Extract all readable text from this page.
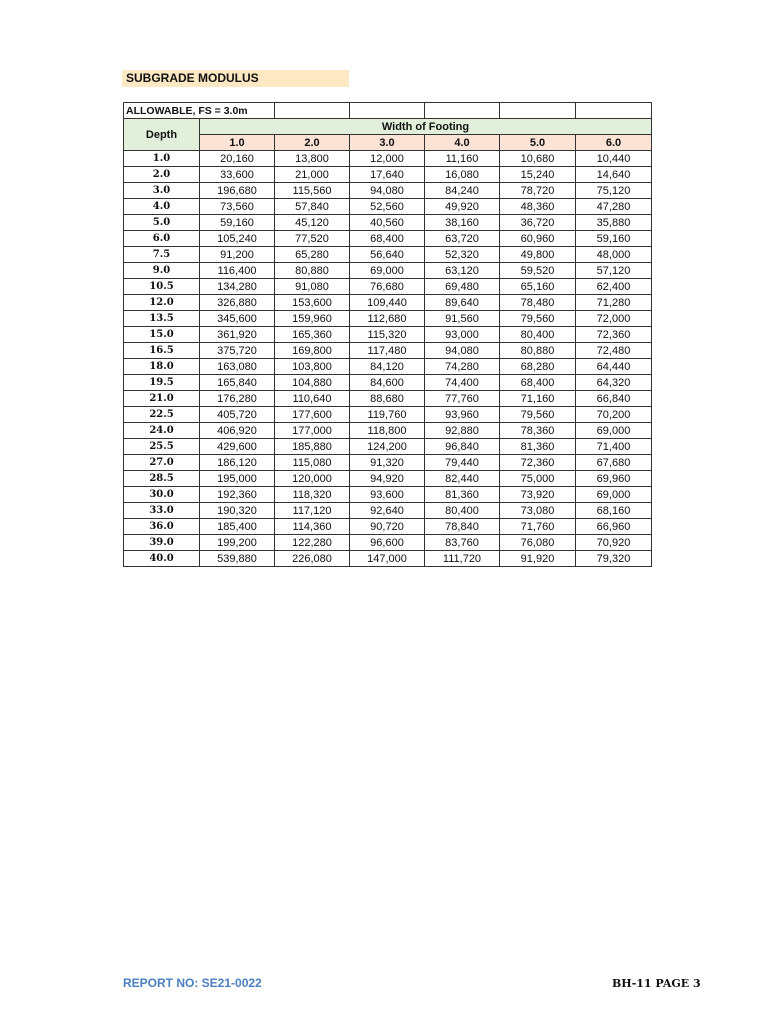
SUBGRADE MODULUS
ALLOWABLE, FS = 3.0m						
Depth	Width of Footing					
	1.0	2.0	3.0	4.0	5.0	6.0
1.0	20,160	13,800	12,000	11,160	10,680	10,440
2.0	33,600	21,000	17,640	16,080	15,240	14,640
3.0	196,680	115,560	94,080	84,240	78,720	75,120
4.0	73,560	57,840	52,560	49,920	48,360	47,280
5.0	59,160	45,120	40,560	38,160	36,720	35,880
6.0	105,240	77,520	68,400	63,720	60,960	59,160
7.5	91,200	65,280	56,640	52,320	49,800	48,000
9.0	116,400	80,880	69,000	63,120	59,520	57,120
10.5	134,280	91,080	76,680	69,480	65,160	62,400
12.0	326,880	153,600	109,440	89,640	78,480	71,280
13.5	345,600	159,960	112,680	91,560	79,560	72,000
15.0	361,920	165,360	115,320	93,000	80,400	72,360
16.5	375,720	169,800	117,480	94,080	80,880	72,480
18.0	163,080	103,800	84,120	74,280	68,280	64,440
19.5	165,840	104,880	84,600	74,400	68,400	64,320
21.0	176,280	110,640	88,680	77,760	71,160	66,840
22.5	405,720	177,600	119,760	93,960	79,560	70,200
24.0	406,920	177,000	118,800	92,880	78,360	69,000
25.5	429,600	185,880	124,200	96,840	81,360	71,400
27.0	186,120	115,080	91,320	79,440	72,360	67,680
28.5	195,000	120,000	94,920	82,440	75,000	69,960
30.0	192,360	118,320	93,600	81,360	73,920	69,000
33.0	190,320	117,120	92,640	80,400	73,080	68,160
36.0	185,400	114,360	90,720	78,840	71,760	66,960
39.0	199,200	122,280	96,600	83,760	76,080	70,920
40.0	539,880	226,080	147,000	111,720	91,920	79,320
REPORT NO: SE21-0022	BH-11 PAGE 3
